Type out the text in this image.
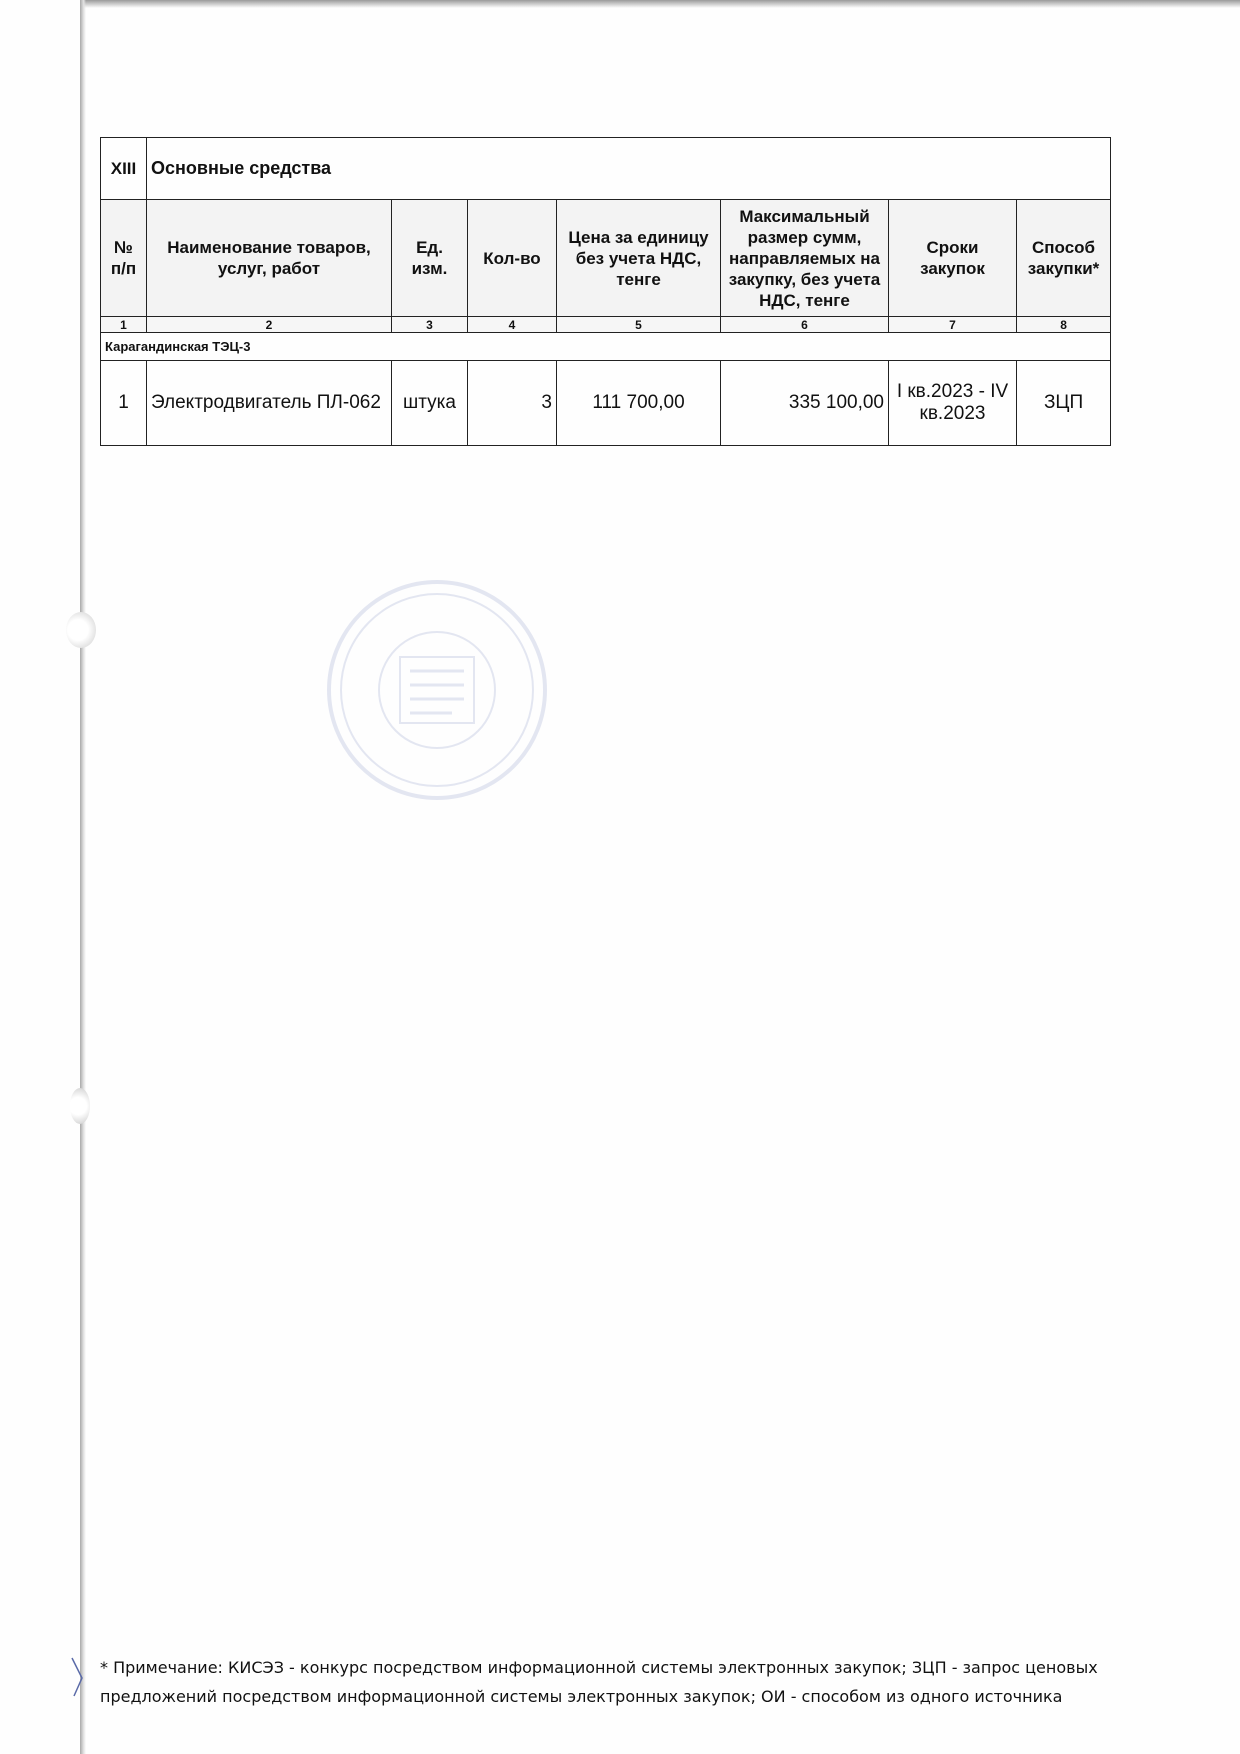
XIII	Основные средства						
№ п/п	Наименование товаров, услуг, работ	Ед. изм.	Кол-во	Цена за единицу без учета НДС, тенге	Максимальный размер сумм, направляемых на закупку, без учета НДС, тенге	Сроки закупок	Способ закупки*
1	2	3	4	5	6	7	8
Карагандинская ТЭЦ-3							
1	Электродвигатель ПЛ-062	штука	3	111 700,00	335 100,00	I кв.2023 - IV кв.2023	ЗЦП
* Примечание: КИСЭЗ - конкурс посредством информационной системы электронных закупок; ЗЦП - запрос ценовых предложений посредством информационной системы электронных закупок; ОИ - способом из одного источника
